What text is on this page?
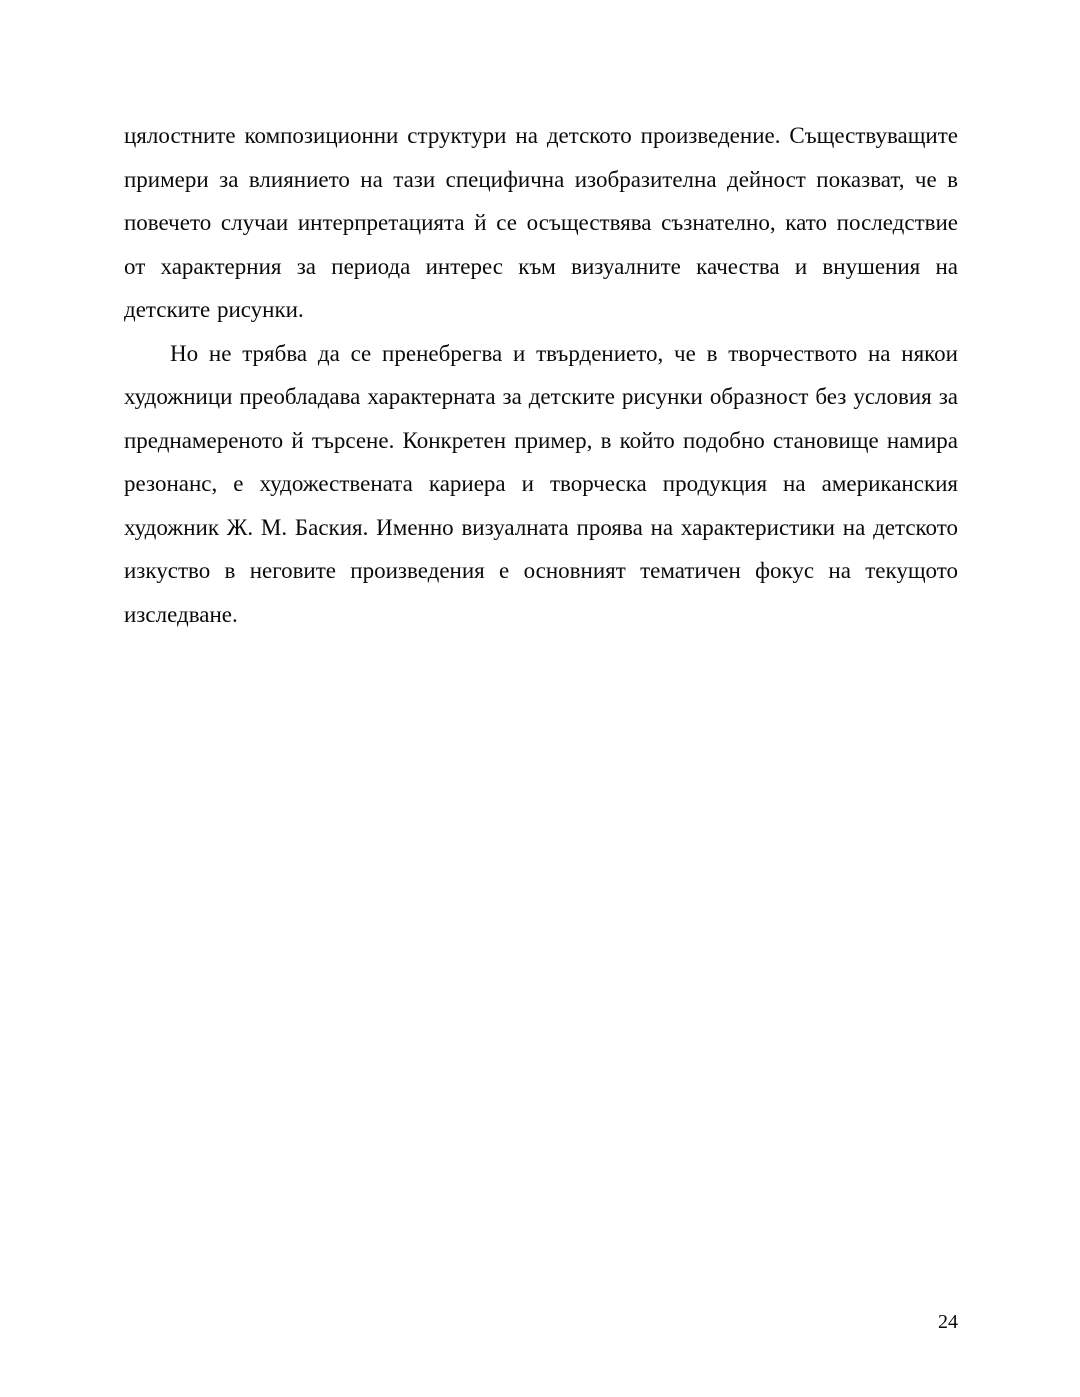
цялостните композиционни структури на детското произведение. Съществуващите примери за влиянието на тази специфична изобразителна дейност показват, че в повечето случаи интерпретацията й се осъществява съзнателно, като последствие от характерния за периода интерес към визуалните качества и внушения на детските рисунки.

Но не трябва да се пренебрегва и твърдението, че в творчеството на някои художници преобладава характерната за детските рисунки образност без условия за преднамереното й търсене. Конкретен пример, в който подобно становище намира резонанс, е художествената кариера и творческа продукция на американския художник Ж. М. Баския. Именно визуалната проява на характеристики на детското изкуство в неговите произведения е основният тематичен фокус на текущото изследване.

24
